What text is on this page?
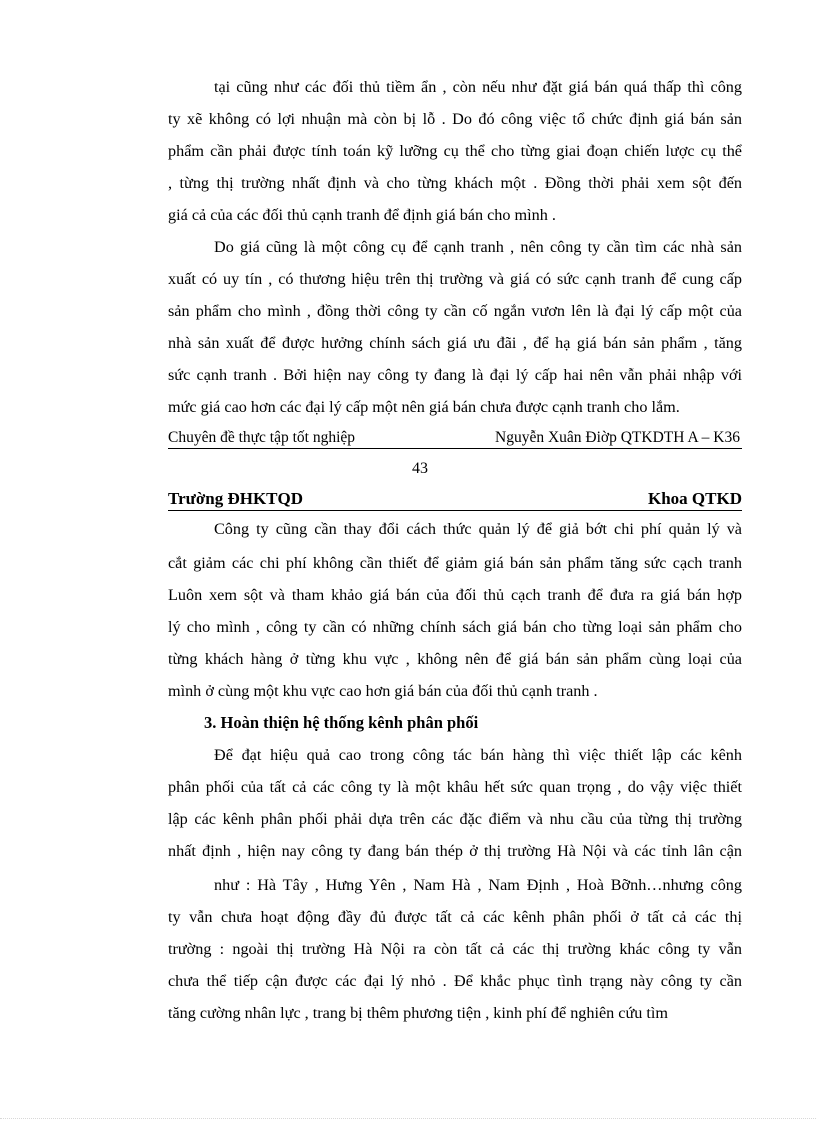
tại cũng như các đối thủ tiềm ẩn , còn nếu như đặt giá bán quá thấp thì công
ty xẽ không có lợi nhuận mà còn bị lỗ . Do đó công việc tổ chức định giá bán sản
phẩm cần phải được tính toán kỹ lưỡng cụ thể cho từng giai đoạn chiến lược cụ thể
, từng thị trường nhất định và cho từng khách một . Đồng thời phải xem sột đến
giá cả của các đối thủ cạnh tranh để định giá bán cho mình .
Do giá cũng là một công cụ để cạnh tranh , nên công ty cần tìm các nhà sản
xuất có uy tín , có thương hiệu trên thị trường và giá có sức cạnh tranh để cung cấp
sản phẩm cho mình , đồng thời công ty cần cố ngắn vươn lên là đại lý cấp một của
nhà sản xuất để được hưởng chính sách giá ưu đãi , để hạ giá bán sản phẩm , tăng
sức cạnh tranh . Bởi hiện nay công ty đang là đại lý cấp hai nên vẫn phải nhập với
mức giá cao hơn các đại lý cấp một nên giá bán chưa được cạnh tranh cho lắm.
Chuyên đề thực tập tốt nghiệp	Nguyễn Xuân Điờp QTKDTH A – K36
Trường ĐHKTQD	Khoa QTKD
Công ty cũng cần thay đổi cách thức quản lý để giả bớt chi phí quản lý và
cắt giảm các chi phí không cần thiết để giảm giá bán sản phẩm tăng sức cạch tranh
Luôn xem sột và tham khảo giá bán của đối thủ cạch tranh để đưa ra giá bán hợp
lý cho mình , công ty cần có những chính sách giá bán cho từng loại sản phẩm cho
từng khách hàng ở từng khu vực , không nên để giá bán sản phẩm cùng loại của
mình ở cùng một khu vực cao hơn giá bán của đối thủ cạnh tranh .
3. Hoàn thiện hệ thống kênh phân phối
Để đạt hiệu quả cao trong công tác bán hàng thì việc thiết lập các kênh
phân phối của tất cả các công ty là một khâu hết sức quan trọng , do vậy việc thiết
lập các kênh phân phối phải dựa trên các đặc điểm và nhu cầu của từng thị trường
nhất định , hiện nay công ty đang bán thép ở thị trường Hà Nội và các tỉnh lân cận
như : Hà Tây , Hưng Yên , Nam Hà , Nam Định , Hoà Bỡnh…nhưng công
ty vẫn chưa hoạt động đầy đủ được tất cả các kênh phân phối ở tất cả các thị
trường : ngoài thị trường Hà Nội ra còn tất cả các thị trường khác công ty vẫn
chưa thể tiếp cận được các đại lý nhỏ . Để khắc phục tình trạng này công ty cần
tăng cường nhân lực , trang bị thêm phương tiện , kinh phí để nghiên cứu tìm
43
